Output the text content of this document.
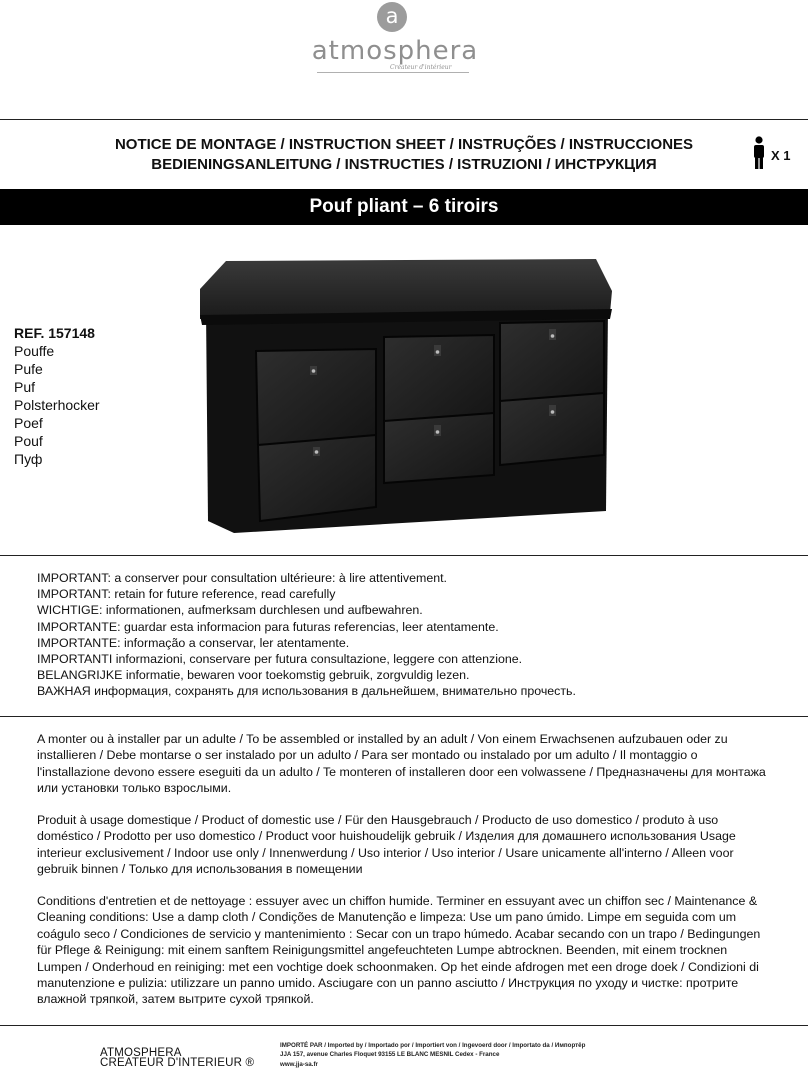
a
atmosphera
Créateur d'intérieur
NOTICE DE MONTAGE / INSTRUCTION SHEET / INSTRUÇÕES / INSTRUCCIONES
BEDIENINGSANLEITUNG / INSTRUCTIES / ISTRUZIONI / ИНСТРУКЦИЯ
X 1
Pouf pliant – 6 tiroirs
REF. 157148
Pouffe
Pufe
Puf
Polsterhocker
Poef
Pouf
Пуф
IMPORTANT: a conserver pour consultation ultérieure: à lire attentivement.
IMPORTANT: retain for future reference, read carefully
WICHTIGE: informationen, aufmerksam durchlesen und aufbewahren.
IMPORTANTE: guardar esta informacion para futuras referencias, leer atentamente.
IMPORTANTE: informação a conservar, ler atentamente.
IMPORTANTI informazioni, conservare per futura consultazione, leggere con attenzione.
BELANGRIJKE informatie, bewaren voor toekomstig gebruik, zorgvuldig lezen.
ВАЖНАЯ информация, сохранять для использования в дальнейшем, внимательно прочесть.
A monter ou à installer par un adulte / To be assembled or installed by an adult / Von einem Erwachsenen aufzubauen oder zu installieren / Debe montarse o ser instalado por un adulto / Para ser montado ou instalado por um adulto / Il montaggio o l'installazione devono essere eseguiti da un adulto / Te monteren of installeren door een volwassene / Предназначены для монтажа или установки только взрослыми.
Produit à usage domestique / Product of domestic use / Für den Hausgebrauch / Producto de uso domestico / produto à uso doméstico / Prodotto per uso domestico / Product voor huishoudelijk gebruik / Изделия для домашнего использования Usage interieur exclusivement / Indoor use only / Innenwerdung / Uso interior / Uso interior / Usare unicamente all'interno / Alleen voor gebruik binnen / Только для использования в помещении
Conditions d'entretien et de nettoyage : essuyer avec un chiffon humide. Terminer en essuyant avec un chiffon sec / Maintenance & Cleaning conditions: Use a damp cloth / Condições de Manutenção e limpeza: Use um pano úmido. Limpe em seguida com um coágulo seco / Condiciones de servicio y mantenimiento : Secar con un trapo húmedo. Acabar secando con un trapo / Bedingungen für Pflege & Reinigung: mit einem sanftem Reinigungsmittel angefeuchteten Lumpe abtrocknen. Beenden, mit einem trocknen Lumpen / Onderhoud en reiniging: met een vochtige doek schoonmaken. Op het einde afdrogen met een droge doek / Condizioni di manutenzione e pulizia: utilizzare un panno umido. Asciugare con un panno asciutto / Инструкция по уходу и чистке: протрите влажной тряпкой, затем вытрите сухой тряпкой.
ATMOSPHERA
CREATEUR D'INTERIEUR ®
IMPORTÉ PAR / Imported by / Importado por / Importiert von / Ingevoerd door / Importato da / Импортёр
JJA 157, avenue Charles Floquet 93155 LE BLANC MESNIL Cedex - France
www.jja-sa.fr
